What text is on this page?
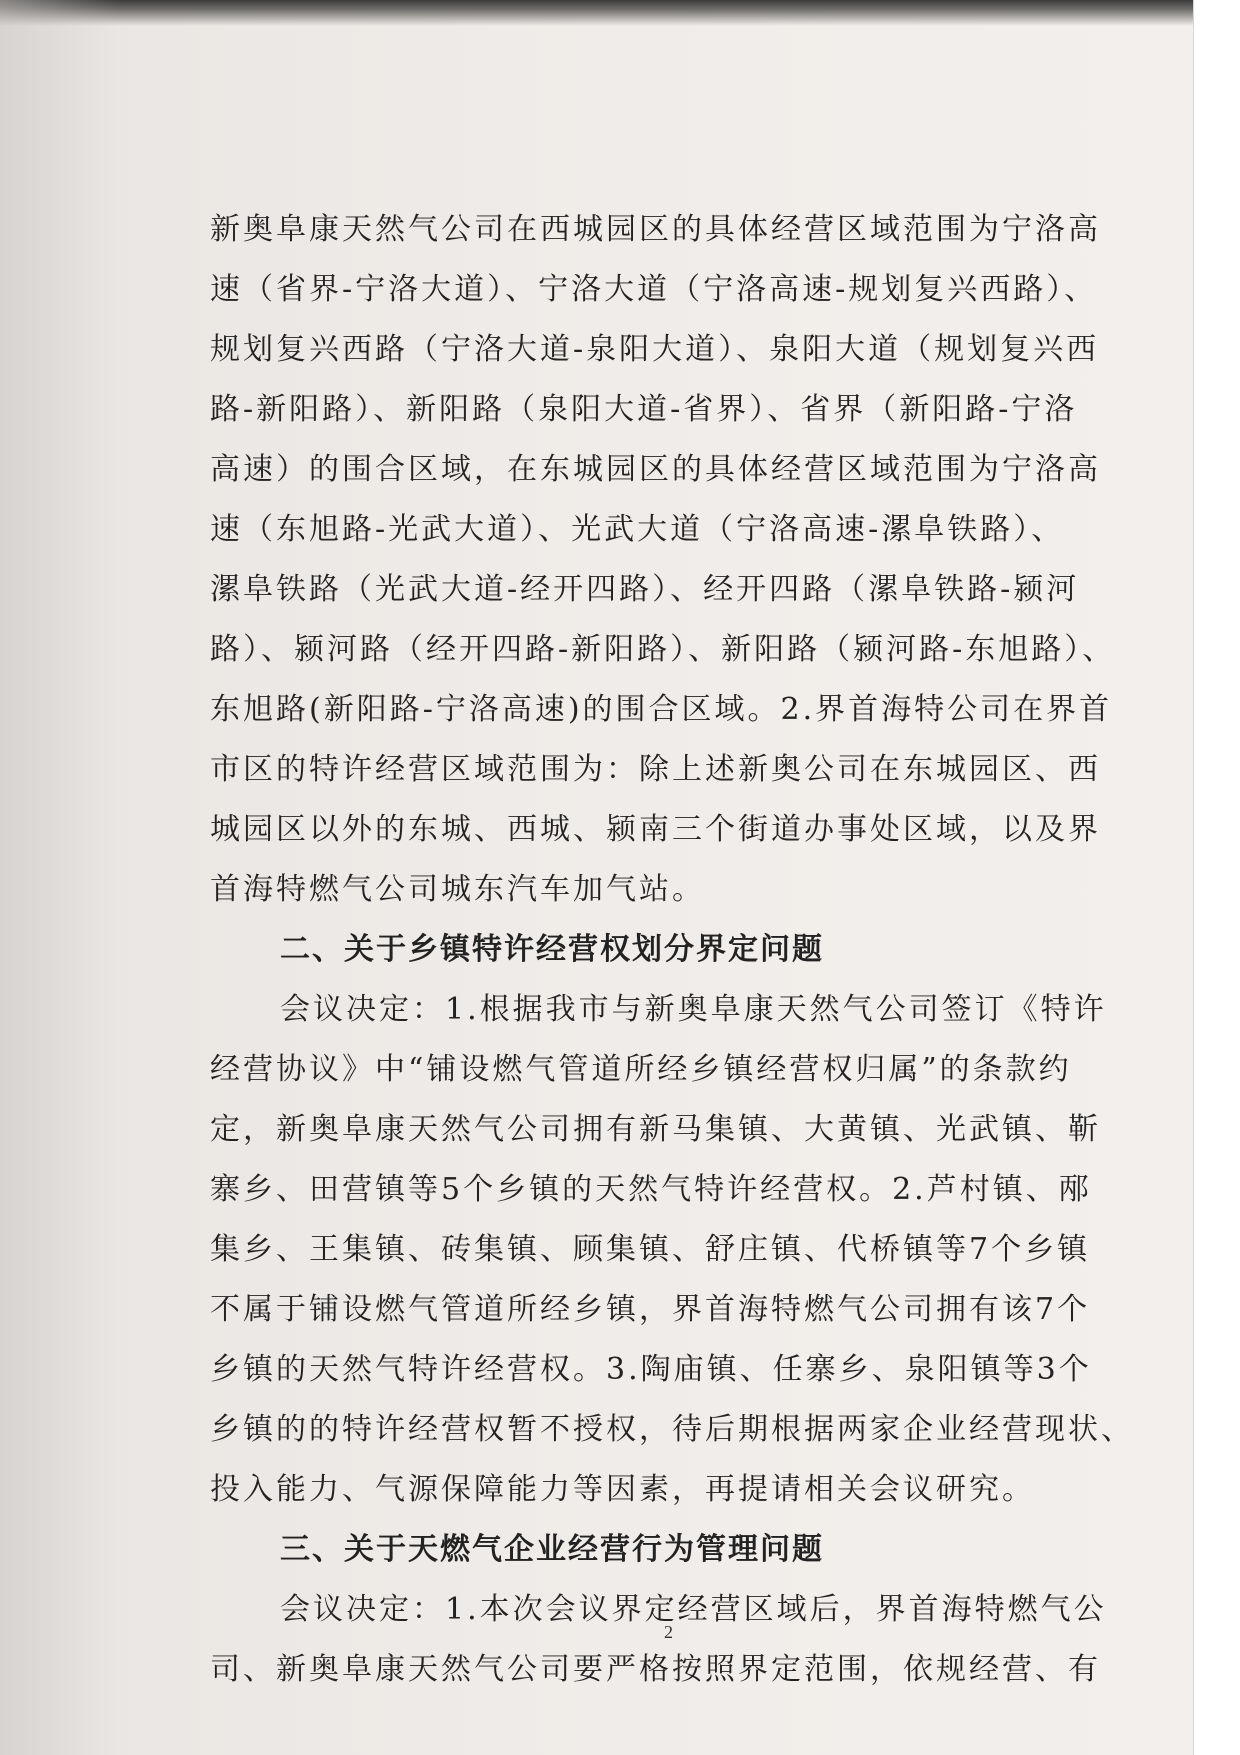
新奥阜康天然气公司在西城园区的具体经营区域范围为宁洛高
速（省界-宁洛大道）、宁洛大道（宁洛高速-规划复兴西路）、
规划复兴西路（宁洛大道-泉阳大道）、泉阳大道（规划复兴西
路-新阳路）、新阳路（泉阳大道-省界）、省界（新阳路-宁洛
高速）的围合区域，在东城园区的具体经营区域范围为宁洛高
速（东旭路-光武大道）、光武大道（宁洛高速-漯阜铁路）、
漯阜铁路（光武大道-经开四路）、经开四路（漯阜铁路-颍河
路）、颍河路（经开四路-新阳路）、新阳路（颍河路-东旭路）、
东旭路(新阳路-宁洛高速)的围合区域。2.界首海特公司在界首
市区的特许经营区域范围为：除上述新奥公司在东城园区、西
城园区以外的东城、西城、颍南三个街道办事处区域，以及界
首海特燃气公司城东汽车加气站。
二、关于乡镇特许经营权划分界定问题
会议决定：1.根据我市与新奥阜康天然气公司签订《特许
经营协议》中“铺设燃气管道所经乡镇经营权归属”的条款约
定，新奥阜康天然气公司拥有新马集镇、大黄镇、光武镇、靳
寨乡、田营镇等5个乡镇的天然气特许经营权。2.芦村镇、邴
集乡、王集镇、砖集镇、顾集镇、舒庄镇、代桥镇等7个乡镇
不属于铺设燃气管道所经乡镇，界首海特燃气公司拥有该7个
乡镇的天然气特许经营权。3.陶庙镇、任寨乡、泉阳镇等3个
乡镇的的特许经营权暂不授权，待后期根据两家企业经营现状、
投入能力、气源保障能力等因素，再提请相关会议研究。
三、关于天燃气企业经营行为管理问题
会议决定：1.本次会议界定经营区域后，界首海特燃气公
司、新奥阜康天然气公司要严格按照界定范围，依规经营、有
2
